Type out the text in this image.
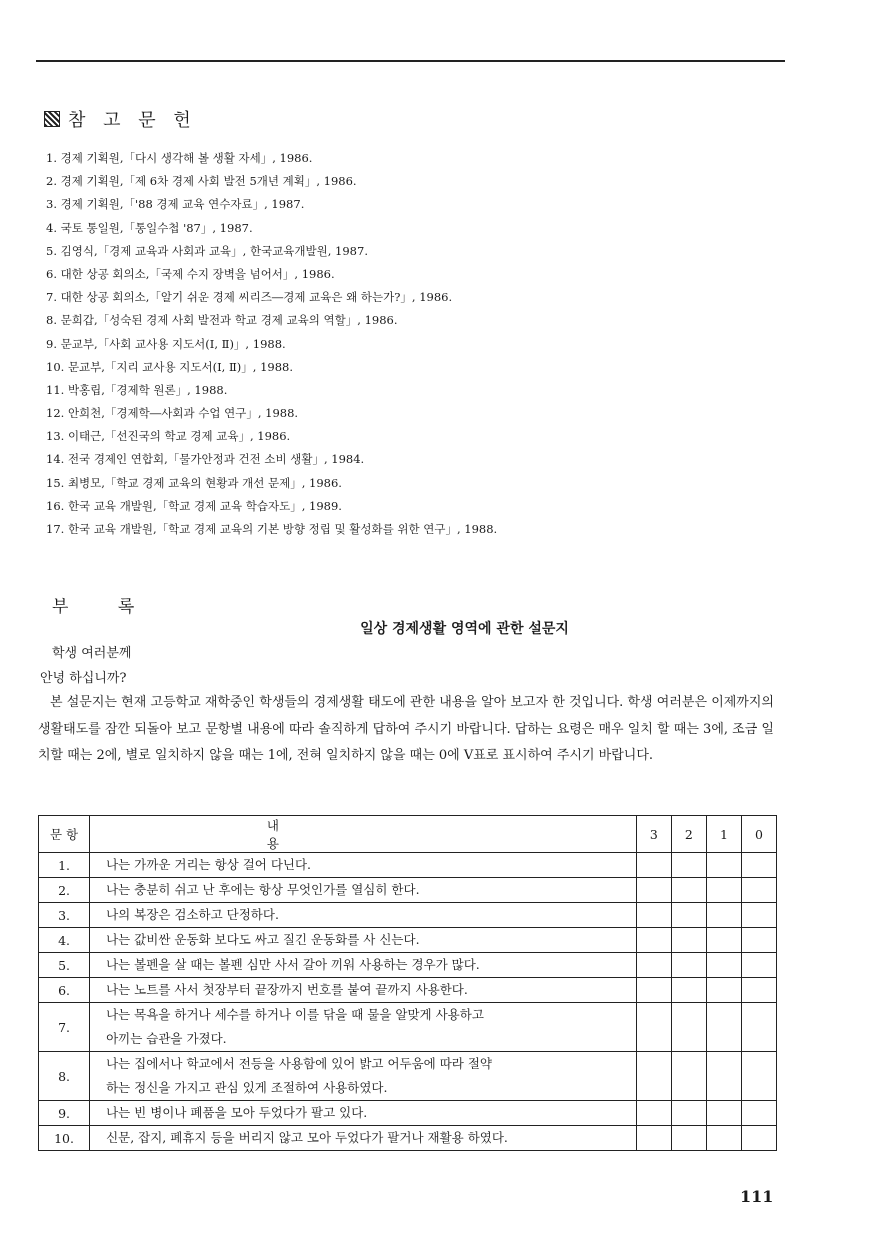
참 고 문 헌
1. 경제 기획원,「다시 생각해 볼 생활 자세」, 1986.
2. 경제 기획원,「제 6차 경제 사회 발전 5개년 계획」, 1986.
3. 경제 기획원,「'88 경제 교육 연수자료」, 1987.
4. 국토 통일원,「통일수첩 '87」, 1987.
5. 김영식,「경제 교육과 사회과 교육」, 한국교육개발원, 1987.
6. 대한 상공 회의소,「국제 수지 장벽을 넘어서」, 1986.
7. 대한 상공 회의소,「알기 쉬운 경제 씨리즈―경제 교육은 왜 하는가?」, 1986.
8. 문희갑,「성숙된 경제 사회 발전과 학교 경제 교육의 역할」, 1986.
9. 문교부,「사회 교사용 지도서(Ⅰ, Ⅱ)」, 1988.
10. 문교부,「지리 교사용 지도서(Ⅰ, Ⅱ)」, 1988.
11. 박홍립,「경제학 원론」, 1988.
12. 안희천,「경제학―사회과 수업 연구」, 1988.
13. 이태근,「선진국의 학교 경제 교육」, 1986.
14. 전국 경제인 연합회,「물가안정과 건전 소비 생활」, 1984.
15. 최병모,「학교 경제 교육의 현황과 개선 문제」, 1986.
16. 한국 교육 개발원,「학교 경제 교육 학습자도」, 1989.
17. 한국 교육 개발원,「학교 경제 교육의 기본 방향 정립 및 활성화를 위한 연구」, 1988.
부 록
일상 경제생활 영역에 관한 설문지
학생 여러분께
안녕 하십니까?

본 설문지는 현재 고등학교 재학중인 학생들의 경제생활 태도에 관한 내용을 알아 보고자 한 것입니다. 학생 여러분은 이제까지의 생활태도를 잠깐 되돌아 보고 문항별 내용에 따라 솔직하게 답하여 주시기 바랍니다. 답하는 요령은 매우 일치 할 때는 3에, 조금 일치할 때는 2에, 별로 일치하지 않을 때는 1에, 전혀 일치하지 않을 때는 0에 V표로 표시하여 주시기 바랍니다.

문 항	내 용	3	2	1	0
1.	나는 가까운 거리는 항상 걸어 다닌다.				

2.	나는 충분히 쉬고 난 후에는 항상 무엇인가를 열심히 한다.				

3.	나의 복장은 검소하고 단정하다.				

4.	나는 값비싼 운동화 보다도 싸고 질긴 운동화를 사 신는다.				

5.	나는 볼펜을 살 때는 볼펜 심만 사서 갈아 끼워 사용하는 경우가 많다.				

6.	나는 노트를 사서 첫장부터 끝장까지 번호를 붙여 끝까지 사용한다.				

7.	나는 목욕을 하거나 세수를 하거나 이를 닦을 때 물을 알맞게 사용하고
아끼는 습관을 가졌다.				

8.	나는 집에서나 학교에서 전등을 사용함에 있어 밝고 어두움에 따라 절약
하는 정신을 가지고 관심 있게 조절하여 사용하였다.				

9.	나는 빈 병이나 폐품을 모아 두었다가 팔고 있다.				

10.	신문, 잡지, 폐휴지 등을 버리지 않고 모아 두었다가 팔거나 재활용 하였다.				

111
